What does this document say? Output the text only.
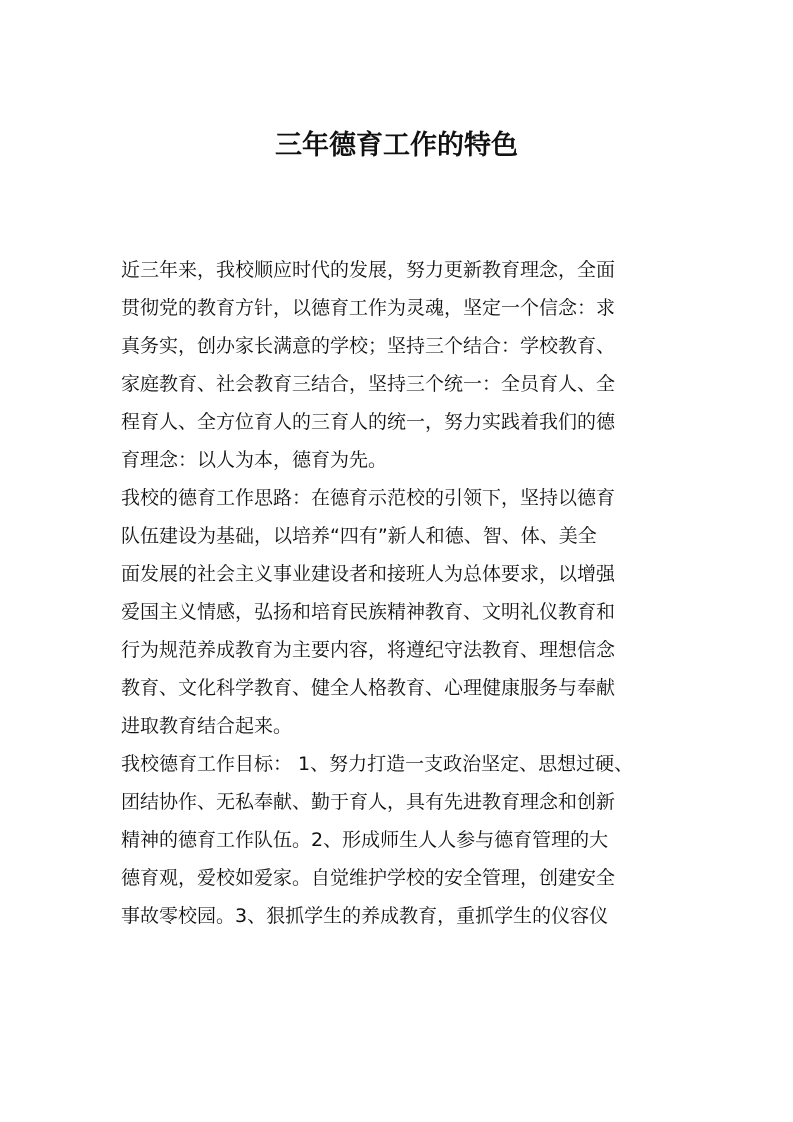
三年德育工作的特色
近三年来，我校顺应时代的发展，努力更新教育理念，全面
贯彻党的教育方针，以德育工作为灵魂，坚定一个信念：求
真务实，创办家长满意的学校；坚持三个结合：学校教育、
家庭教育、社会教育三结合，坚持三个统一：全员育人、全
程育人、全方位育人的三育人的统一，努力实践着我们的德
育理念：以人为本，德育为先。
我校的德育工作思路：在德育示范校的引领下，坚持以德育
队伍建设为基础，以培养“四有”新人和德、智、体、美全
面发展的社会主义事业建设者和接班人为总体要求，以增强
爱国主义情感，弘扬和培育民族精神教育、文明礼仪教育和
行为规范养成教育为主要内容，将遵纪守法教育、理想信念
教育、文化科学教育、健全人格教育、心理健康服务与奉献
进取教育结合起来。
我校德育工作目标： 1、努力打造一支政治坚定、思想过硬、
团结协作、无私奉献、勤于育人，具有先进教育理念和创新
精神的德育工作队伍。2、形成师生人人参与德育管理的大
德育观，爱校如爱家。自觉维护学校的安全管理，创建安全
事故零校园。3、狠抓学生的养成教育，重抓学生的仪容仪
